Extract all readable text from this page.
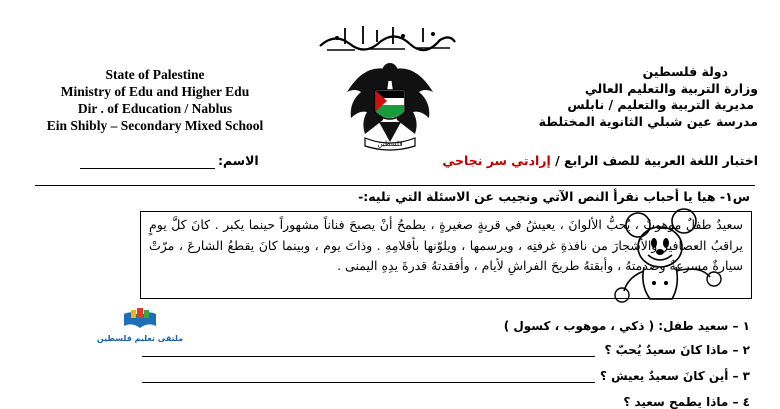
State of Palestine
Ministry of Edu and Higher Edu
Dir . of Education / Nablus
Ein Shibly – Secondary Mixed School
فلسطين
دولة فلسطين
وزارة التربية والتعليم العالي
مديرية التربية والتعليم / نابلس
مدرسة عين شبلي الثانوية المختلطة
اختبار اللغة العربية للصف الرابع / إرادتي سر نجاحي
الاسم:
س١- هيا يا أحباب نقرأ النص الآتي ونجيب عن الاسئلة التي تليه:-
سعيدٌ طفلٌ موهوبٌ ، يُحبُّ الألوانَ ، يعيشُ في قريةٍ صغيرةٍ ، يطمحُ أنْ يصبحَ فناناً مشهوراً حينما يكبر . كانَ كلَّ يومٍ يراقبُ العصافيرَ والأشجارَ من نافذةِ غرفتِه ، ويرسمها ، ويلوّنها بأقلامِهِ . وذاتَ يوم ، وبينما كانَ يقطعُ الشارعَ ، مرّتْ سيارةٌ مسرعةٌ وصدمتهُ ، وأبقتهُ طريحَ الفراشِ لأيام ، وأفقدتهُ قدرةَ يدِهِ اليمنى .
ملتقى تعليم فلسطين
١ – سعيد طفل: ( ذكي ، موهوب ، كسول )
٢ – ماذا كانَ سعيدٌ يُحبّ ؟
٣ – أين كانَ سعيدٌ يعيش ؟
٤ – ماذا يطمح سعيد ؟
